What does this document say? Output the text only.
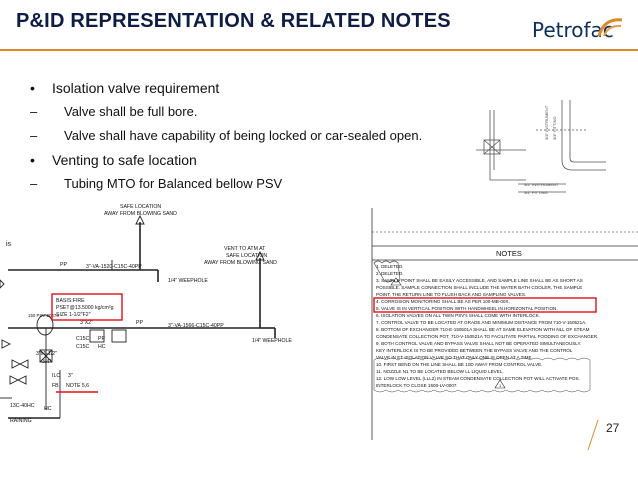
P&ID REPRESENTATION & RELATED NOTES	Petrofac
• Isolation valve requirement
– Valve shall be full bore.
– Valve shall have capability of being locked or car-sealed open.
• Venting to safe location
– Tubing MTO for Balanced bellow PSV
3/4" INSTRUMENT 3/4" FITTING
3/4" INSTRUMENT
3/4" FITTING
SAFE LOCATION
AWAY FROM BLOWING SAND
VENT TO ATM AT
SAFE LOCATION
AWAY FROM BLOWING SAND
PP	3"-VA-1520-C15C-40PP
1/4" WEEPHOLE
PP	3"-VA-1566-C15C-40PP
1/4" WEEPHOLE
3"X2"
C15C
C15C
PP
HC
3"x1-1/2"
3/4"
ILC
FB
3"
NOTE 5,6
HC
13C-40HC
RAINING
150 PSV 20476
is
BASIS:FIRE
PSET@13.5000 kg/cm²g
SIZE 1-1/2"F2"
NOTES
1. DELETED.
2. DELETED.
3. SAMPLE POINT SHALL BE EASILY ACCESSIBLE, AND SAMPLE LINE SHALL BE AS SHORT AS
POSSIBLE. SAMPLE CONNECTION SHALL INCLUDE THE WATER BATH COOLER, THE SAMPLE
POINT, THE RETURN LINE TO FLUSH BACK AND SAMPLING VALVES.
4. CORROSION MONITORING SHALL BE AS PER 100-MB-00X.
5. VALVE IS IN VERTICAL POSITION WITH HANDWHEEL IN HORIZONTAL POSITION.
6. ISOLATION VALVES ON ALL TWIN PSV's SHALL COME WITH INTERLOCK.
7. CONTROL VALVE TO BE LOCATED AT GRADE AND MINIMUM DISTANCE FROM 710-V-150521A.
8. BOTTOM OF EXCHANGER 710-E-150501A SHALL BE AT SAME ELEVATION WITH NLL OF STEAM
CONDENSATE COLLECTION POT, 710-V-150521A TO FACILITATE PARTIAL FOODING OF EXCHANGER.
9. BOTH CONTROL VALVE AND BYPASS VALVE SHALL NOT BE OPERATED SIMULTANEOUSLY.
KEY INTERLOCK IS TO BE PROVIDED BETWEEN THE BYPASS VALVE AND THE CONTROL
VALVE IN ET ISOLATION VALVE SO THAT ONLY ONE IS OPEN AT A TIME.
10. FIRST BEND ON THE LINE SHALL BE 10D AWAY FROM CONTROL VALVE.
11. NOZZLE N1 TO BE LOCATED BELOW LL LIQUID LEVEL.
12. LOW LOW LEVEL (LLL2) IN STEAM CONDENSATE COLLECTION POT WILL ACTIVATE POS.
INTERLOCK TO CLOSE 1500-LV-0007.	1
27
